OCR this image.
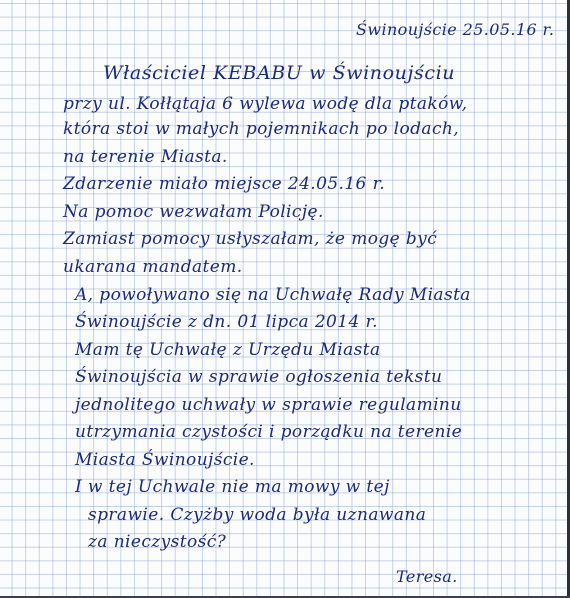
Świnoujście 25.05.16 r.
Właściciel KEBABU w Świnoujściu
przy ul. Kołłątaja 6 wylewa wodę dla ptaków,
która stoi w małych pojemnikach po lodach,
na terenie Miasta.
Zdarzenie miało miejsce 24.05.16 r.
Na pomoc wezwałam Policję.
Zamiast pomocy usłyszałam, że mogę być
ukarana mandatem.
A, powoływano się na Uchwałę Rady Miasta
Świnoujście z dn. 01 lipca 2014 r.
Mam tę Uchwałę z Urzędu Miasta
Świnoujścia w sprawie ogłoszenia tekstu
jednolitego uchwały w sprawie regulaminu
utrzymania czystości i porządku na terenie
Miasta Świnoujście.
I w tej Uchwale nie ma mowy w tej
sprawie. Czyżby woda była uznawana
za nieczystość?
Teresa.
